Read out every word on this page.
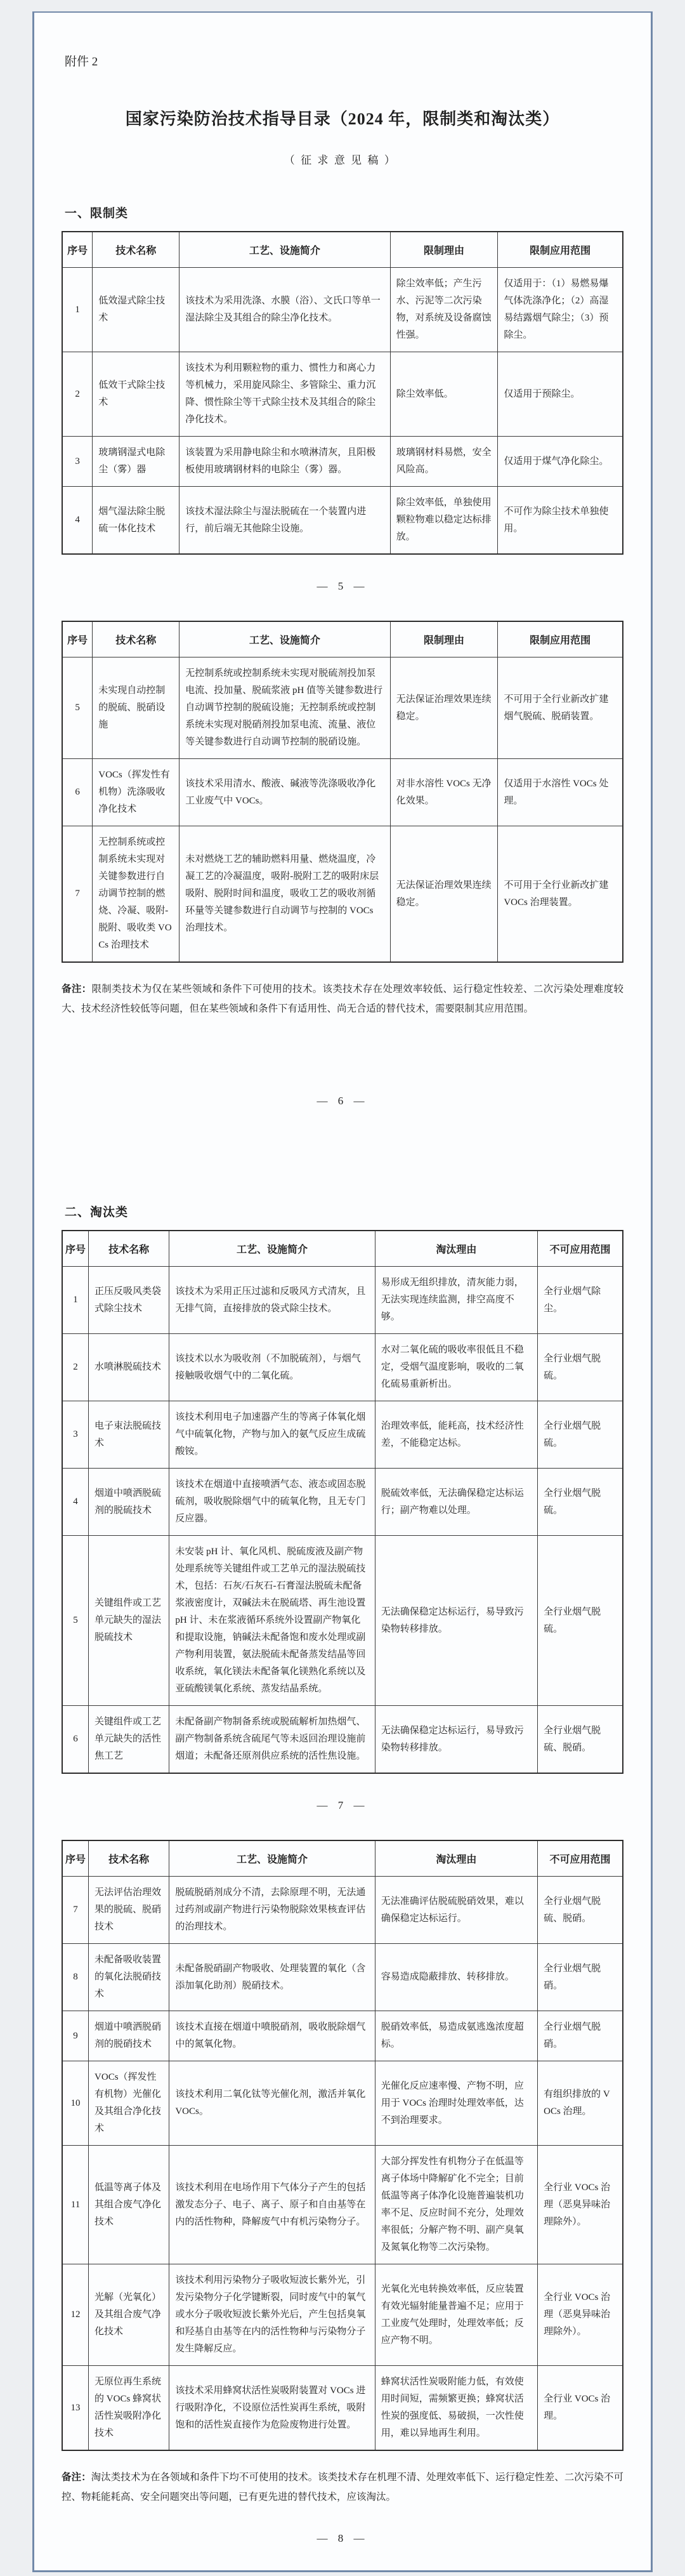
附件 2
国家污染防治技术指导目录（2024 年，限制类和淘汰类）
（征求意见稿）
一、限制类
序号	技术名称	工艺、设施简介	限制理由	限制应用范围
1	低效湿式除尘技术	该技术为采用洗涤、水膜（浴）、文氏口等单一湿法除尘及其组合的除尘净化技术。	除尘效率低；产生污水、污泥等二次污染物，对系统及设备腐蚀性强。	仅适用于：（1）易燃易爆气体洗涤净化；（2）高湿易结露烟气除尘；（3）预除尘。
2	低效干式除尘技术	该技术为利用颗粒物的重力、惯性力和离心力等机械力，采用旋风除尘、多管除尘、重力沉降、惯性除尘等干式除尘技术及其组合的除尘净化技术。	除尘效率低。	仅适用于预除尘。
3	玻璃钢湿式电除尘（雾）器	该装置为采用静电除尘和水喷淋清灰，且阳极板使用玻璃钢材料的电除尘（雾）器。	玻璃钢材料易燃，安全风险高。	仅适用于煤气净化除尘。
4	烟气湿法除尘脱硫一体化技术	该技术湿法除尘与湿法脱硫在一个装置内进行，前后端无其他除尘设施。	除尘效率低，单独使用颗粒物难以稳定达标排放。	不可作为除尘技术单独使用。
— 5 —
序号	技术名称	工艺、设施简介	限制理由	限制应用范围
5	未实现自动控制的脱硫、脱硝设施	无控制系统或控制系统未实现对脱硫剂投加泵电流、投加量、脱硫浆液 pH 值等关键参数进行自动调节控制的脱硫设施；无控制系统或控制系统未实现对脱硝剂投加泵电流、流量、液位等关键参数进行自动调节控制的脱硝设施。	无法保证治理效果连续稳定。	不可用于全行业新改扩建烟气脱硫、脱硝装置。
6	VOCs（挥发性有机物）洗涤吸收净化技术	该技术采用清水、酸液、碱液等洗涤吸收净化工业废气中 VOCs。	对非水溶性 VOCs 无净化效果。	仅适用于水溶性 VOCs 处理。
7	无控制系统或控制系统未实现对关键参数进行自动调节控制的燃烧、冷凝、吸附-脱附、吸收类 VOCs 治理技术	未对燃烧工艺的辅助燃料用量、燃烧温度，冷凝工艺的冷凝温度，吸附-脱附工艺的吸附床层吸附、脱附时间和温度，吸收工艺的吸收剂循环量等关键参数进行自动调节与控制的 VOCs 治理技术。	无法保证治理效果连续稳定。	不可用于全行业新改扩建 VOCs 治理装置。

备注：限制类技术为仅在某些领域和条件下可使用的技术。该类技术存在处理效率较低、运行稳定性较差、二次污染处理难度较大、技术经济性较低等问题，但在某些领域和条件下有适用性、尚无合适的替代技术，需要限制其应用范围。

— 6 —
二、淘汰类
序号	技术名称	工艺、设施简介	淘汰理由	不可应用范围
1	正压反吸风类袋式除尘技术	该技术为采用正压过滤和反吸风方式清灰，且无排气筒，直接排放的袋式除尘技术。	易形成无组织排放，清灰能力弱，无法实现连续监测，排空高度不够。	全行业烟气除尘。
2	水喷淋脱硫技术	该技术以水为吸收剂（不加脱硫剂），与烟气接触吸收烟气中的二氧化硫。	水对二氧化硫的吸收率很低且不稳定，受烟气温度影响，吸收的二氧化硫易重新析出。	全行业烟气脱硫。
3	电子束法脱硫技术	该技术利用电子加速器产生的等离子体氧化烟气中硫氧化物，产物与加入的氨气反应生成硫酸铵。	治理效率低，能耗高，技术经济性差，不能稳定达标。	全行业烟气脱硫。
4	烟道中喷洒脱硫剂的脱硫技术	该技术在烟道中直接喷洒气态、液态或固态脱硫剂，吸收脱除烟气中的硫氧化物，且无专门反应器。	脱硫效率低，无法确保稳定达标运行；副产物难以处理。	全行业烟气脱硫。
5	关键组件或工艺单元缺失的湿法脱硫技术	未安装 pH 计、氧化风机、脱硫废液及副产物处理系统等关键组件或工艺单元的湿法脱硫技术，包括：石灰/石灰石-石膏湿法脱硫未配备浆液密度计，双碱法未在脱硫塔、再生池设置 pH 计、未在浆液循环系统外设置副产物氧化和提取设施，钠碱法未配备饱和废水处理或副产物利用装置，氨法脱硫未配备蒸发结晶等回收系统，氧化镁法未配备氧化镁熟化系统以及亚硫酸镁氧化系统、蒸发结晶系统。	无法确保稳定达标运行，易导致污染物转移排放。	全行业烟气脱硫。
6	关键组件或工艺单元缺失的活性焦工艺	未配备副产物制备系统或脱硫解析加热烟气、副产物制备系统含硫尾气等未返回治理设施前烟道；未配备还原剂供应系统的活性焦设施。	无法确保稳定达标运行，易导致污染物转移排放。	全行业烟气脱硫、脱硝。
— 7 —
序号	技术名称	工艺、设施简介	淘汰理由	不可应用范围
7	无法评估治理效果的脱硫、脱硝技术	脱硫脱硝剂成分不清，去除原理不明，无法通过药剂或副产物进行污染物脱除效果核查评估的治理技术。	无法准确评估脱硫脱硝效果，难以确保稳定达标运行。	全行业烟气脱硫、脱硝。
8	未配备吸收装置的氧化法脱硝技术	未配备脱硝副产物吸收、处理装置的氧化（含添加氧化助剂）脱硝技术。	容易造成隐蔽排放、转移排放。	全行业烟气脱硝。
9	烟道中喷洒脱硝剂的脱硝技术	该技术直接在烟道中喷脱硝剂，吸收脱除烟气中的氮氧化物。	脱硝效率低，易造成氨逃逸浓度超标。	全行业烟气脱硝。
10	VOCs（挥发性有机物）光催化及其组合净化技术	该技术利用二氧化钛等光催化剂，激活并氧化 VOCs。	光催化反应速率慢、产物不明，应用于 VOCs 治理时处理效率低，达不到治理要求。	有组织排放的 VOCs 治理。
11	低温等离子体及其组合废气净化技术	该技术利用在电场作用下气体分子产生的包括激发态分子、电子、离子、原子和自由基等在内的活性物种，降解废气中有机污染物分子。	大部分挥发性有机物分子在低温等离子体场中降解矿化不完全；目前低温等离子体净化设施普遍装机功率不足、反应时间不充分，处理效率很低；分解产物不明、副产臭氧及氮氧化物等二次污染物。	全行业 VOCs 治理（恶臭异味治理除外）。
12	光解（光氧化）及其组合废气净化技术	该技术利用污染物分子吸收短波长紫外光，引发污染物分子化学键断裂，同时废气中的氧气或水分子吸收短波长紫外光后，产生包括臭氧和羟基自由基等在内的活性物种与污染物分子发生降解反应。	光氧化光电转换效率低，反应装置有效光辐射能量普遍不足；应用于工业废气处理时，处理效率低；反应产物不明。	全行业 VOCs 治理（恶臭异味治理除外）。
13	无原位再生系统的 VOCs 蜂窝状活性炭吸附净化技术	该技术采用蜂窝状活性炭吸附装置对 VOCs 进行吸附净化，不设原位活性炭再生系统，吸附饱和的活性炭直接作为危险废物进行处置。	蜂窝状活性炭吸附能力低，有效使用时间短，需频繁更换；蜂窝状活性炭的强度低、易破损，一次性使用，难以异地再生利用。	全行业 VOCs 治理。

备注：淘汰类技术为在各领域和条件下均不可使用的技术。该类技术存在机理不清、处理效率低下、运行稳定性差、二次污染不可控、物耗能耗高、安全问题突出等问题，已有更先进的替代技术，应该淘汰。

— 8 —
